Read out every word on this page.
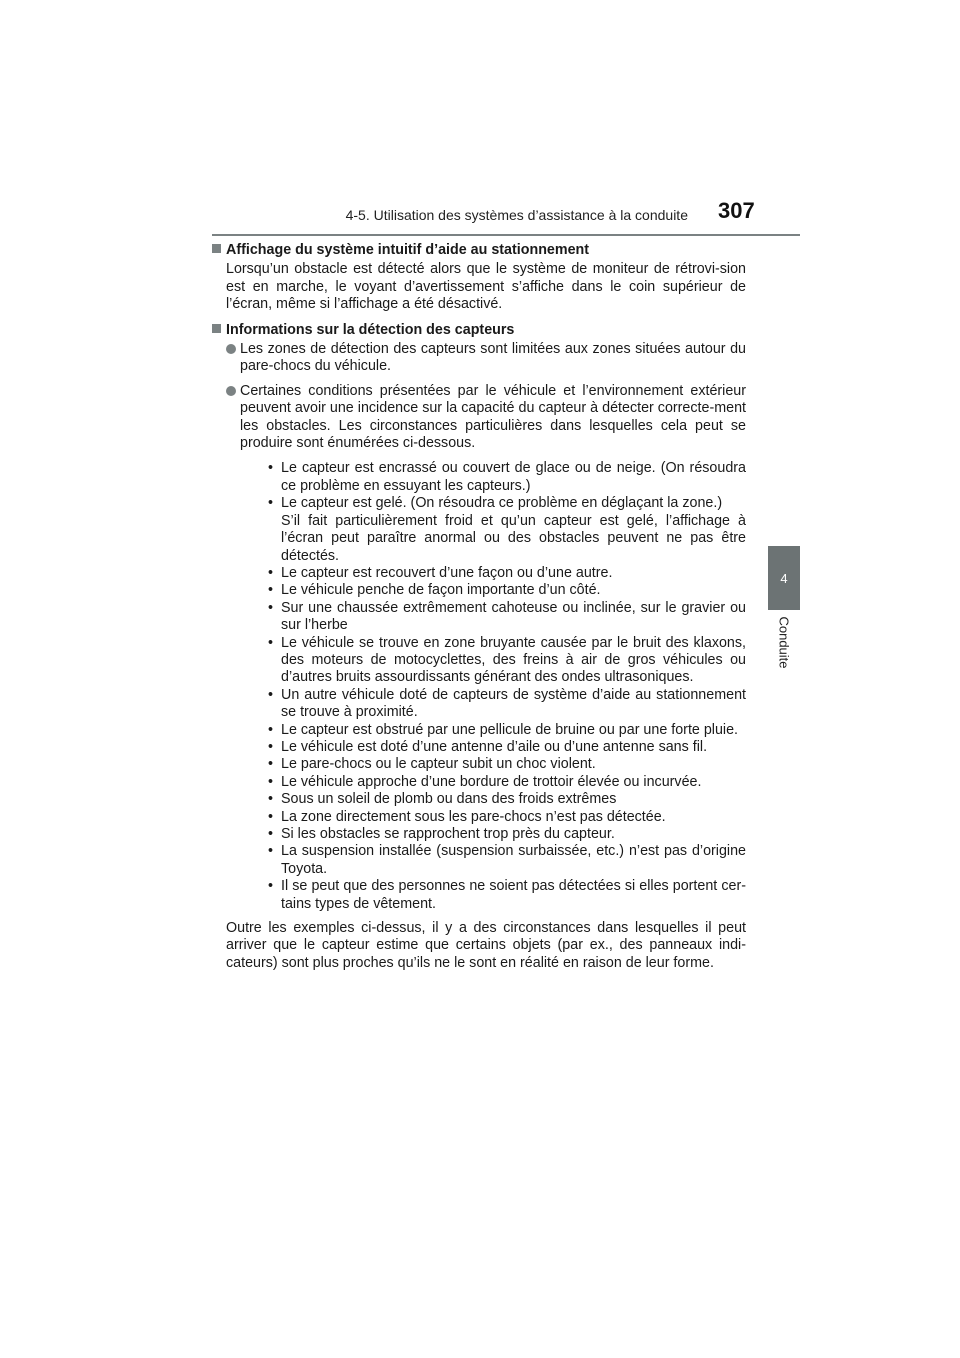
4-5. Utilisation des systèmes d’assistance à la conduite 307
4
Conduite
Affichage du système intuitif d’aide au stationnement

Lorsqu’un obstacle est détecté alors que le système de moniteur de rétrovi-sion est en marche, le voyant d’avertissement s’affiche dans le coin supérieur de l’écran, même si l’affichage a été désactivé.

Informations sur la détection des capteurs
Les zones de détection des capteurs sont limitées aux zones situées autour du pare-chocs du véhicule.
Certaines conditions présentées par le véhicule et l’environnement extérieur peuvent avoir une incidence sur la capacité du capteur à détecter correcte-ment les obstacles. Les circonstances particulières dans lesquelles cela peut se produire sont énumérées ci-dessous.
• Le capteur est encrassé ou couvert de glace ou de neige. (On résoudra ce problème en essuyant les capteurs.)
• Le capteur est gelé. (On résoudra ce problème en déglaçant la zone.)
S’il fait particulièrement froid et qu’un capteur est gelé, l’affichage à l’écran peut paraître anormal ou des obstacles peuvent ne pas être détectés.
• Le capteur est recouvert d’une façon ou d’une autre.
• Le véhicule penche de façon importante d’un côté.
• Sur une chaussée extrêmement cahoteuse ou inclinée, sur le gravier ou sur l’herbe
• Le véhicule se trouve en zone bruyante causée par le bruit des klaxons, des moteurs de motocyclettes, des freins à air de gros véhicules ou d’autres bruits assourdissants générant des ondes ultrasoniques.
• Un autre véhicule doté de capteurs de système d’aide au stationnement se trouve à proximité.
• Le capteur est obstrué par une pellicule de bruine ou par une forte pluie.
• Le véhicule est doté d’une antenne d’aile ou d’une antenne sans fil.
• Le pare-chocs ou le capteur subit un choc violent.
• Le véhicule approche d’une bordure de trottoir élevée ou incurvée.
• Sous un soleil de plomb ou dans des froids extrêmes
• La zone directement sous les pare-chocs n’est pas détectée.
• Si les obstacles se rapprochent trop près du capteur.
• La suspension installée (suspension surbaissée, etc.) n’est pas d’origine Toyota.
• Il se peut que des personnes ne soient pas détectées si elles portent cer-tains types de vêtement.

Outre les exemples ci-dessus, il y a des circonstances dans lesquelles il peut arriver que le capteur estime que certains objets (par ex., des panneaux indi-cateurs) sont plus proches qu’ils ne le sont en réalité en raison de leur forme.
